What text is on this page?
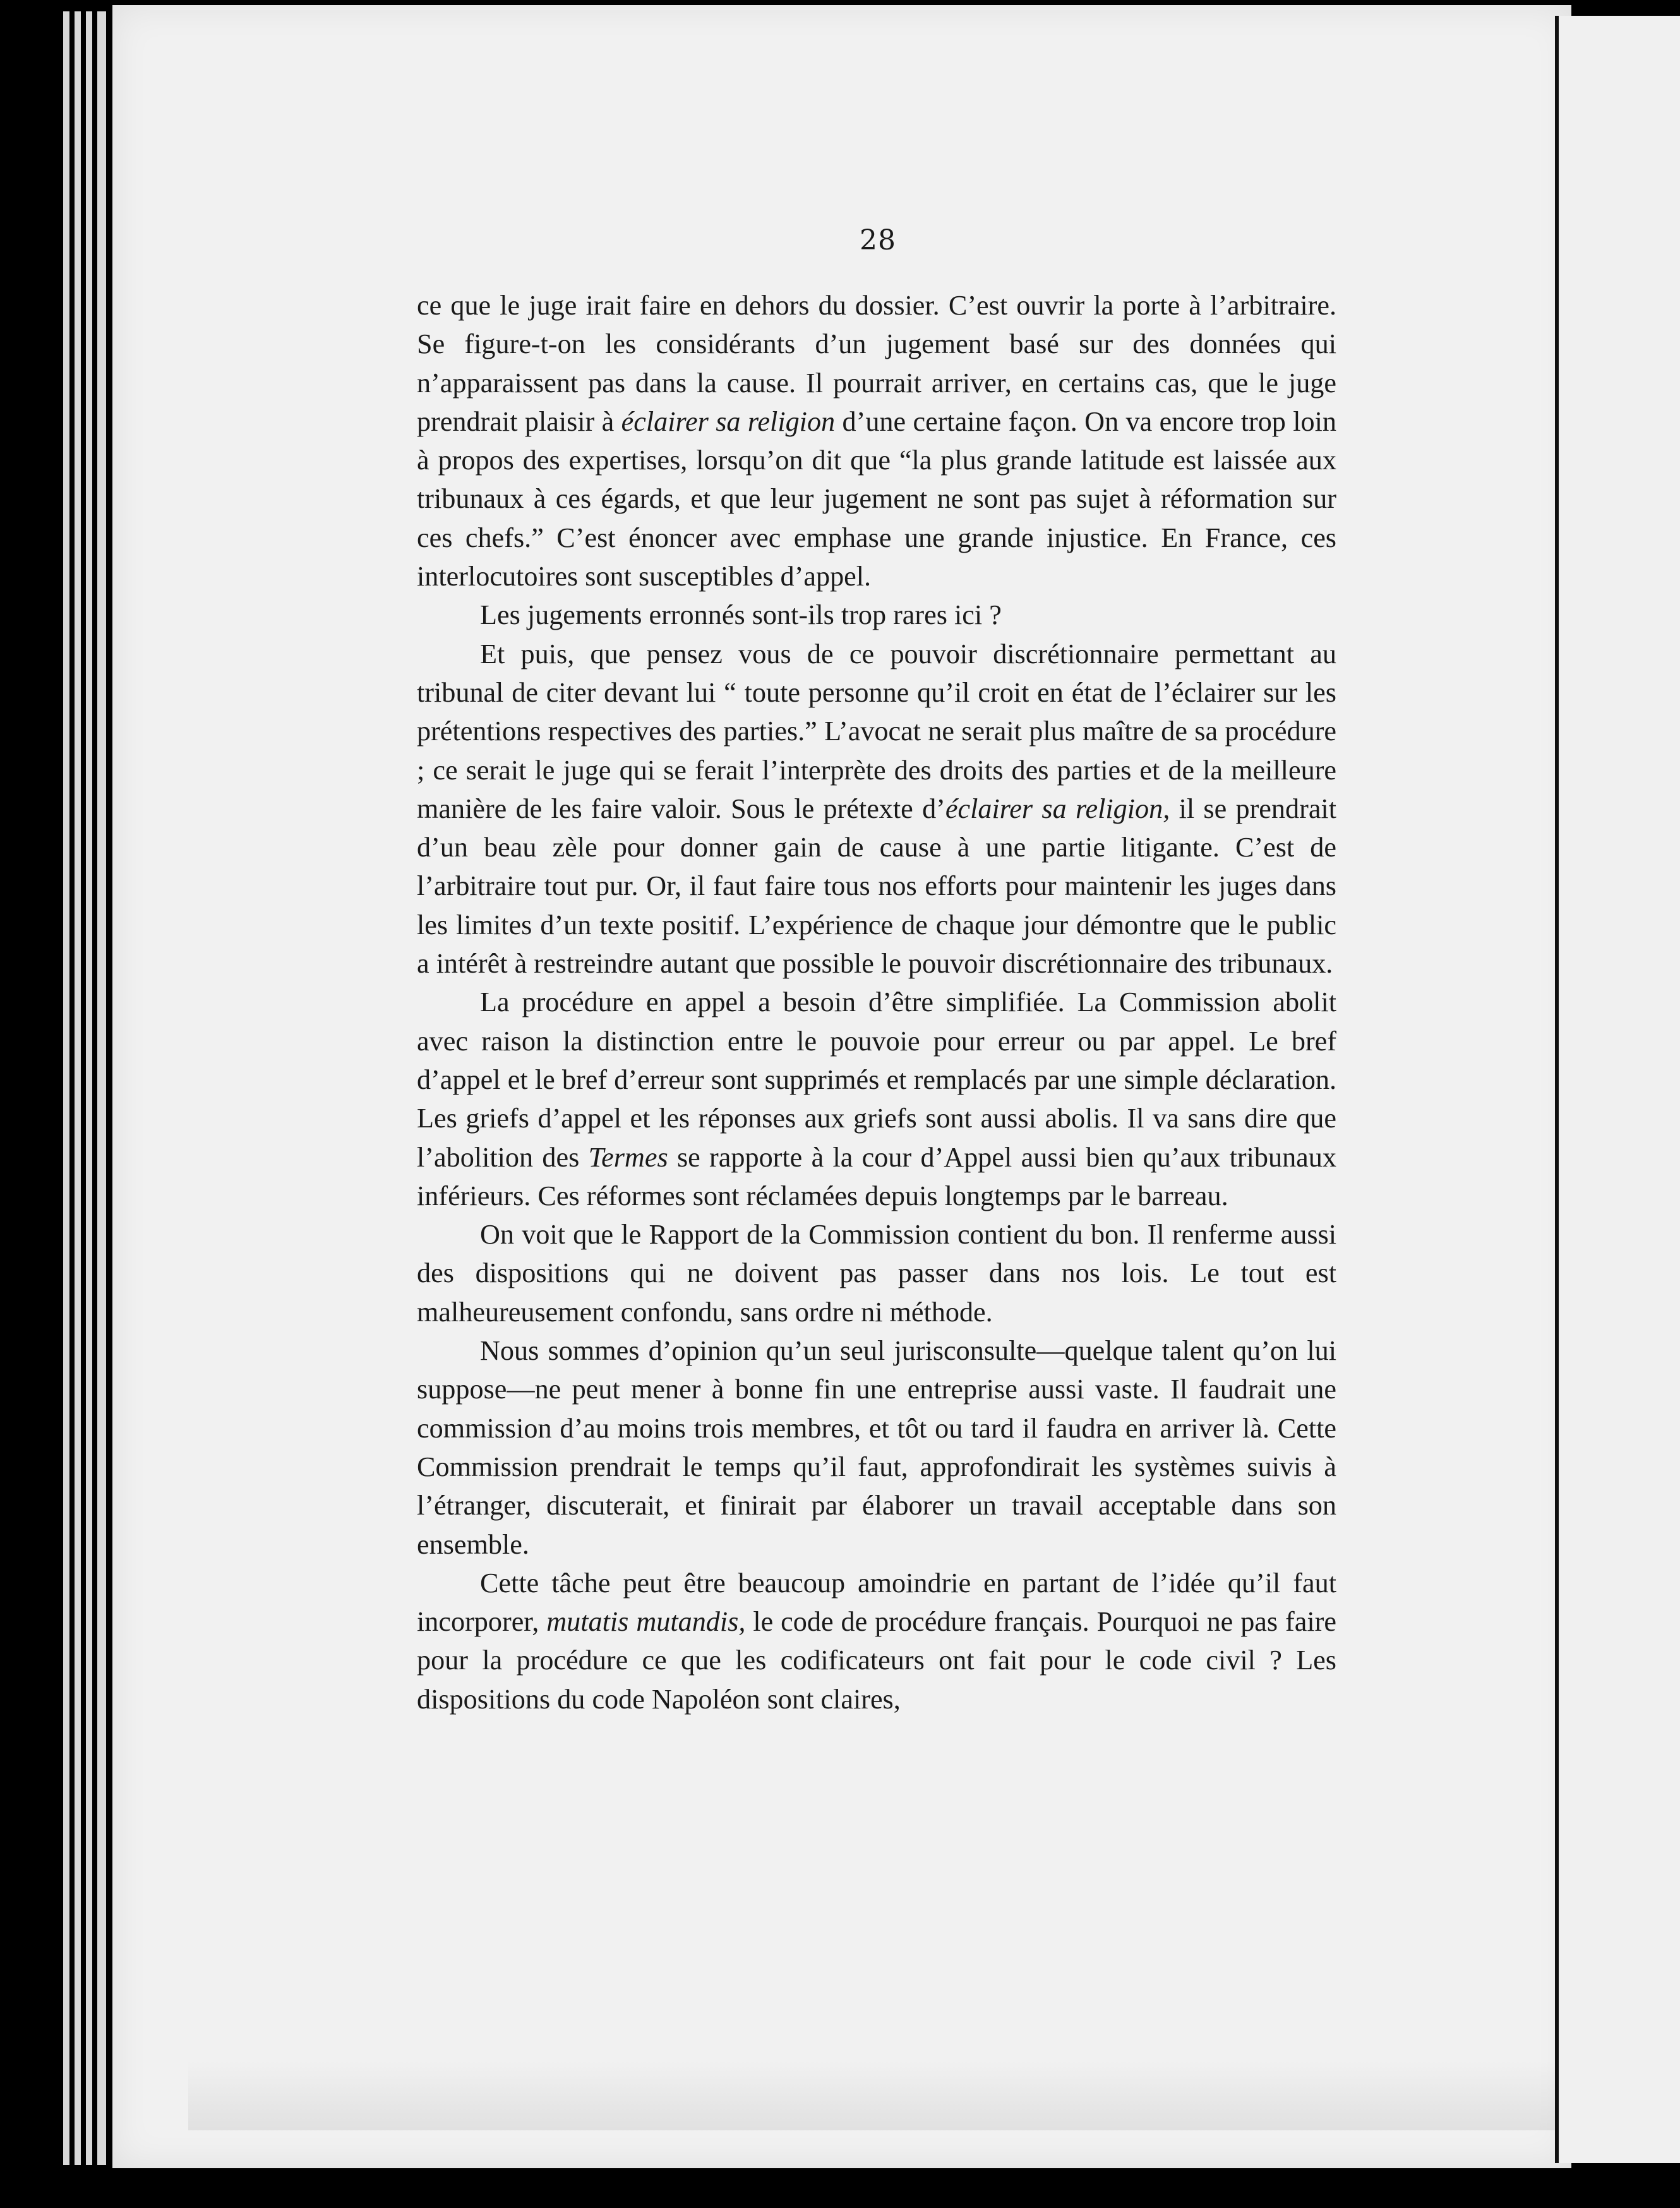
28

ce que le juge irait faire en dehors du dossier. C’est ouvrir la porte à l’arbitraire. Se figure-t-on les considérants d’un jugement basé sur des données qui n’apparaissent pas dans la cause. Il pourrait arriver, en certains cas, que le juge prendrait plaisir à éclairer sa religion d’une certaine façon. On va encore trop loin à propos des expertises, lorsqu’on dit que “la plus grande latitude est laissée aux tribunaux à ces égards, et que leur jugement ne sont pas sujet à réformation sur ces chefs.” C’est énoncer avec emphase une grande injustice. En France, ces interlocutoires sont susceptibles d’appel.

Les jugements erronnés sont-ils trop rares ici ?

Et puis, que pensez vous de ce pouvoir discrétionnaire permettant au tribunal de citer devant lui “ toute personne qu’il croit en état de l’éclairer sur les prétentions respectives des parties.” L’avocat ne serait plus maître de sa procédure ; ce serait le juge qui se ferait l’interprète des droits des parties et de la meilleure manière de les faire valoir. Sous le prétexte d’éclairer sa religion, il se prendrait d’un beau zèle pour donner gain de cause à une partie litigante. C’est de l’arbitraire tout pur. Or, il faut faire tous nos efforts pour maintenir les juges dans les limites d’un texte positif. L’expérience de chaque jour démontre que le public a intérêt à restreindre autant que possible le pouvoir discrétionnaire des tribunaux.

La procédure en appel a besoin d’être simplifiée. La Commission abolit avec raison la distinction entre le pouvoie pour erreur ou par appel. Le bref d’appel et le bref d’erreur sont supprimés et remplacés par une simple déclaration. Les griefs d’appel et les réponses aux griefs sont aussi abolis. Il va sans dire que l’abolition des Termes se rapporte à la cour d’Appel aussi bien qu’aux tribunaux inférieurs. Ces réformes sont réclamées depuis longtemps par le barreau.

On voit que le Rapport de la Commission contient du bon. Il renferme aussi des dispositions qui ne doivent pas passer dans nos lois. Le tout est malheureusement confondu, sans ordre ni méthode.

Nous sommes d’opinion qu’un seul jurisconsulte—quelque talent qu’on lui suppose—ne peut mener à bonne fin une entreprise aussi vaste. Il faudrait une commission d’au moins trois membres, et tôt ou tard il faudra en arriver là. Cette Commission prendrait le temps qu’il faut, approfondirait les systèmes suivis à l’étranger, discuterait, et finirait par élaborer un travail acceptable dans son ensemble.

Cette tâche peut être beaucoup amoindrie en partant de l’idée qu’il faut incorporer, mutatis mutandis, le code de procédure français. Pourquoi ne pas faire pour la procédure ce que les codificateurs ont fait pour le code civil ? Les dispositions du code Napoléon sont claires,
